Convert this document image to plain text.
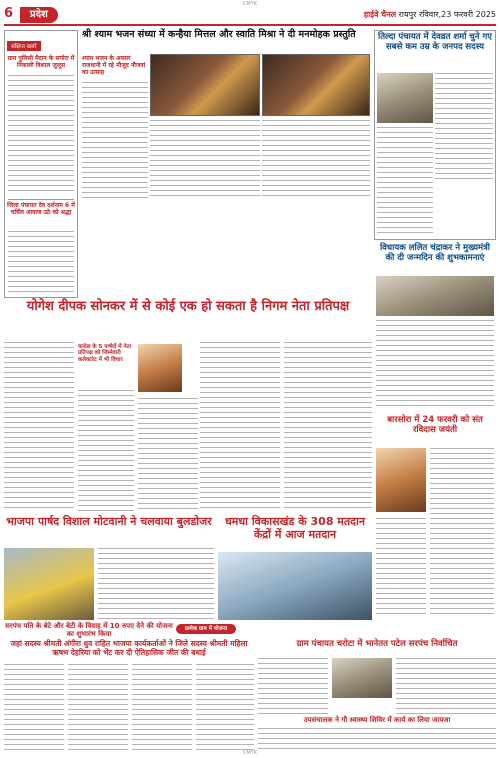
CMYK
6	प्रदेश	हाईवे चैनल रायपुर रविवार,23 फरवरी 2025
संक्षिप्त खबरें
ग्राम पुलिसी मैदान के सपोरा में निकाली विशाल जुलूस
जिला पंचायत देव दर्शनाम 6 में चर्चिल आवाज उठे को श्रद्धा
श्री श्याम भजन संध्या में कन्हैया मित्तल और स्वाति मिश्रा ने दी मनमोहक प्रस्तुति
श्याम भजन के अवसर राजधानी में रहे मौजूद नौजवां का उत्साह
तिल्दा पंचायत में देवव्रत शर्मा चुने गए सबसे कम उम्र के जनपद सदस्य
योगेश दीपक सोनकर में से कोई एक हो सकता है निगम नेता प्रतिपक्ष
कांग्रेस के 5 पार्षदों में नेता प्रतिपक्ष को जिम्मेवारी कलेक्टरेट में भी विचार
विधायक ललित चंद्राकर ने मुख्यमंत्री की दी जन्मदिन की शुभकामनाएं
भाजपा पार्षद विशाल मोटवानी ने चलवाया बुलडोजर	धमधा विकासखंड के 308 मतदान केंद्रों में आज मतदान
बारसोरा में 24 फरवरी को संत रविदास जयंती
सरपंच पति के बेटे और बेटी के विवाह में 10 रुपए देने की योजना का शुभारंभ किया
प्रत्येक ग्राम में योजना
जहां सदस्य श्रीमती अंगीरा धुव राहित भाजपा कार्यकर्ताओं ने जिले सदस्य श्रीमती महिला ऋषभ देहरिया को भेंट कर दी ऐतिहासिक जीत की बधाई
ग्राम पंचायत चरोटा में भानेतत पटेल सरपंच निर्वाचित
उपसंचालक ने गौ स्वास्थ्य शिविर में कार्य का लिया जायजा
CMYK
